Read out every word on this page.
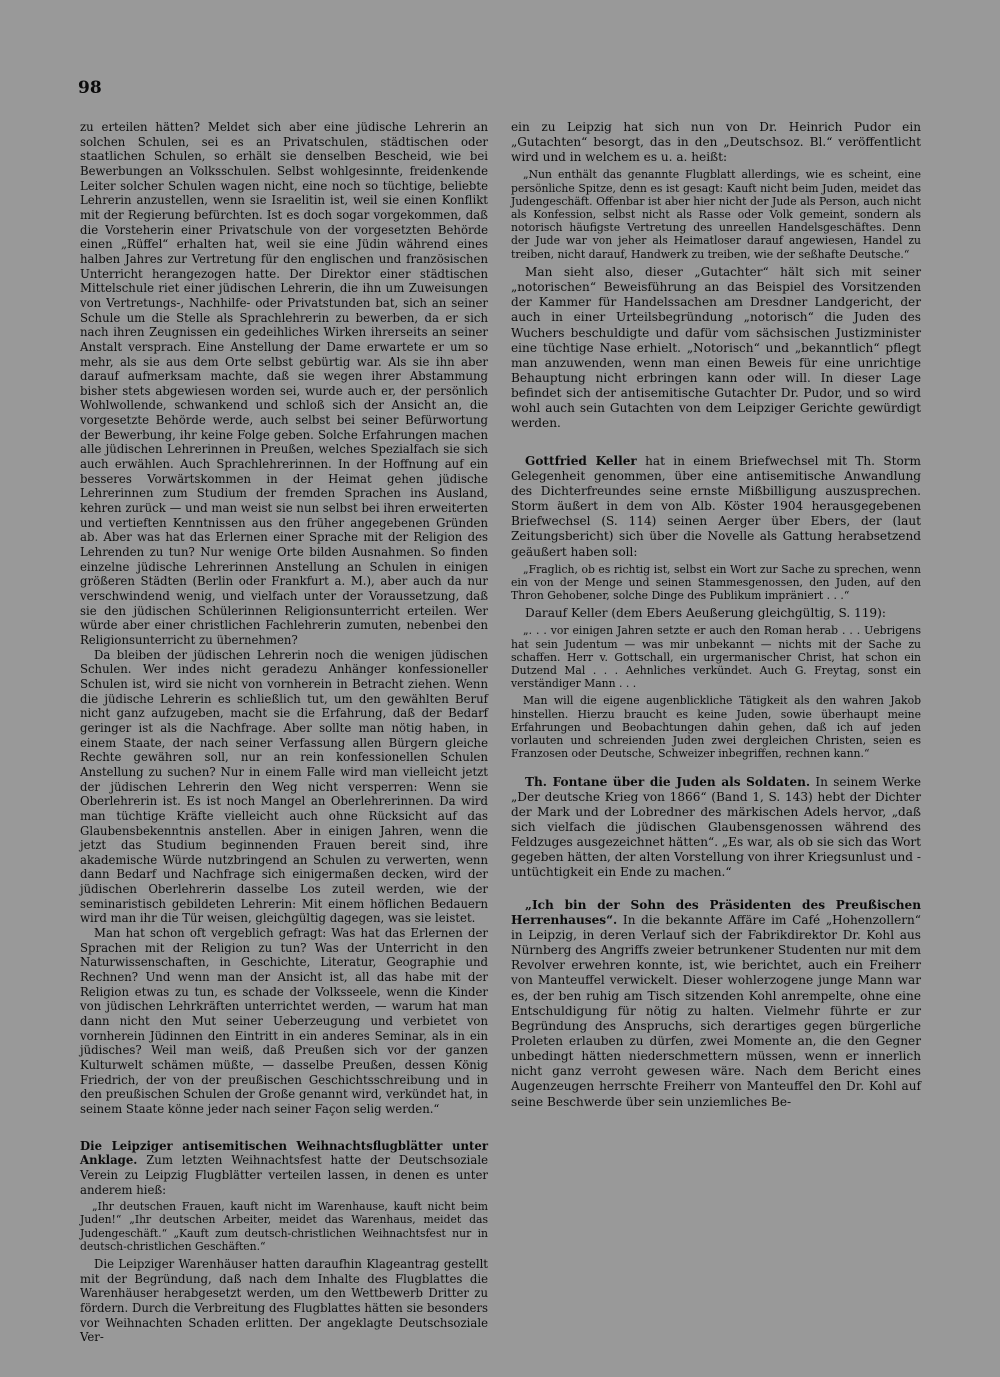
98

zu erteilen hätten? Meldet sich aber eine jüdische Lehrerin an solchen Schulen, sei es an Privatschulen, städtischen oder staatlichen Schulen, so erhält sie denselben Bescheid, wie bei Bewerbungen an Volksschulen. Selbst wohlgesinnte, freidenkende Leiter solcher Schulen wagen nicht, eine noch so tüchtige, beliebte Lehrerin anzustellen, wenn sie Israelitin ist, weil sie einen Konflikt mit der Regierung befürchten. Ist es doch sogar vorgekommen, daß die Vorsteherin einer Privatschule von der vorgesetzten Behörde einen „Rüffel“ erhalten hat, weil sie eine Jüdin während eines halben Jahres zur Vertretung für den englischen und französischen Unterricht herangezogen hatte. Der Direktor einer städtischen Mittelschule riet einer jüdischen Lehrerin, die ihn um Zuweisungen von Vertretungs-, Nachhilfe- oder Privatstunden bat, sich an seiner Schule um die Stelle als Sprachlehrerin zu bewerben, da er sich nach ihren Zeugnissen ein gedeihliches Wirken ihrerseits an seiner Anstalt versprach. Eine Anstellung der Dame erwartete er um so mehr, als sie aus dem Orte selbst gebürtig war. Als sie ihn aber darauf aufmerksam machte, daß sie wegen ihrer Abstammung bisher stets abgewiesen worden sei, wurde auch er, der persönlich Wohlwollende, schwankend und schloß sich der Ansicht an, die vorgesetzte Behörde werde, auch selbst bei seiner Befürwortung der Bewerbung, ihr keine Folge geben. Solche Erfahrungen machen alle jüdischen Lehrerinnen in Preußen, welches Spezialfach sie sich auch erwählen. Auch Sprachlehrerinnen. In der Hoffnung auf ein besseres Vorwärtskommen in der Heimat gehen jüdische Lehrerinnen zum Studium der fremden Sprachen ins Ausland, kehren zurück — und man weist sie nun selbst bei ihren erweiterten und vertieften Kenntnissen aus den früher angegebenen Gründen ab. Aber was hat das Erlernen einer Sprache mit der Religion des Lehrenden zu tun? Nur wenige Orte bilden Ausnahmen. So finden einzelne jüdische Lehrerinnen Anstellung an Schulen in einigen größeren Städten (Berlin oder Frankfurt a. M.), aber auch da nur verschwindend wenig, und vielfach unter der Voraussetzung, daß sie den jüdischen Schülerinnen Religionsunterricht erteilen. Wer würde aber einer christlichen Fachlehrerin zumuten, nebenbei den Religionsunterricht zu übernehmen?

Da bleiben der jüdischen Lehrerin noch die wenigen jüdischen Schulen. Wer indes nicht geradezu Anhänger konfessioneller Schulen ist, wird sie nicht von vornherein in Betracht ziehen. Wenn die jüdische Lehrerin es schließlich tut, um den gewählten Beruf nicht ganz aufzugeben, macht sie die Erfahrung, daß der Bedarf geringer ist als die Nachfrage. Aber sollte man nötig haben, in einem Staate, der nach seiner Verfassung allen Bürgern gleiche Rechte gewähren soll, nur an rein konfessionellen Schulen Anstellung zu suchen? Nur in einem Falle wird man vielleicht jetzt der jüdischen Lehrerin den Weg nicht versperren: Wenn sie Oberlehrerin ist. Es ist noch Mangel an Oberlehrerinnen. Da wird man tüchtige Kräfte vielleicht auch ohne Rücksicht auf das Glaubensbekenntnis anstellen. Aber in einigen Jahren, wenn die jetzt das Studium beginnenden Frauen bereit sind, ihre akademische Würde nutzbringend an Schulen zu verwerten, wenn dann Bedarf und Nachfrage sich einigermaßen decken, wird der jüdischen Oberlehrerin dasselbe Los zuteil werden, wie der seminaristisch gebildeten Lehrerin: Mit einem höflichen Bedauern wird man ihr die Tür weisen, gleichgültig dagegen, was sie leistet.

Man hat schon oft vergeblich gefragt: Was hat das Erlernen der Sprachen mit der Religion zu tun? Was der Unterricht in den Naturwissenschaften, in Geschichte, Literatur, Geographie und Rechnen? Und wenn man der Ansicht ist, all das habe mit der Religion etwas zu tun, es schade der Volksseele, wenn die Kinder von jüdischen Lehrkräften unterrichtet werden, — warum hat man dann nicht den Mut seiner Ueberzeugung und verbietet von vornherein Jüdinnen den Eintritt in ein anderes Seminar, als in ein jüdisches? Weil man weiß, daß Preußen sich vor der ganzen Kulturwelt schämen müßte, — dasselbe Preußen, dessen König Friedrich, der von der preußischen Geschichtsschreibung und in den preußischen Schulen der Große genannt wird, verkündet hat, in seinem Staate könne jeder nach seiner Façon selig werden.“

Die Leipziger antisemitischen Weihnachtsflugblätter unter Anklage. Zum letzten Weihnachtsfest hatte der Deutschsoziale Verein zu Leipzig Flugblätter verteilen lassen, in denen es unter anderem hieß:

„Ihr deutschen Frauen, kauft nicht im Warenhause, kauft nicht beim Juden!“ „Ihr deutschen Arbeiter, meidet das Warenhaus, meidet das Judengeschäft.“ „Kauft zum deutsch-christlichen Weihnachtsfest nur in deutsch-christlichen Geschäften.“

Die Leipziger Warenhäuser hatten daraufhin Klageantrag gestellt mit der Begründung, daß nach dem Inhalte des Flugblattes die Warenhäuser herabgesetzt werden, um den Wettbewerb Dritter zu fördern. Durch die Verbreitung des Flugblattes hätten sie besonders vor Weihnachten Schaden erlitten. Der angeklagte Deutschsoziale Ver-

ein zu Leipzig hat sich nun von Dr. Heinrich Pudor ein „Gutachten“ besorgt, das in den „Deutschsoz. Bl.“ veröffentlicht wird und in welchem es u. a. heißt:

„Nun enthält das genannte Flugblatt allerdings, wie es scheint, eine persönliche Spitze, denn es ist gesagt: Kauft nicht beim Juden, meidet das Judengeschäft. Offenbar ist aber hier nicht der Jude als Person, auch nicht als Konfession, selbst nicht als Rasse oder Volk gemeint, sondern als notorisch häufigste Vertretung des unreellen Handelsgeschäftes. Denn der Jude war von jeher als Heimatloser darauf angewiesen, Handel zu treiben, nicht darauf, Handwerk zu treiben, wie der seßhafte Deutsche.“

Man sieht also, dieser „Gutachter“ hält sich mit seiner „notorischen“ Beweisführung an das Beispiel des Vorsitzenden der Kammer für Handelssachen am Dresdner Landgericht, der auch in einer Urteilsbegründung „notorisch“ die Juden des Wuchers beschuldigte und dafür vom sächsischen Justizminister eine tüchtige Nase erhielt. „Notorisch“ und „bekanntlich“ pflegt man anzuwenden, wenn man einen Beweis für eine unrichtige Behauptung nicht erbringen kann oder will. In dieser Lage befindet sich der antisemitische Gutachter Dr. Pudor, und so wird wohl auch sein Gutachten von dem Leipziger Gerichte gewürdigt werden.

Gottfried Keller hat in einem Briefwechsel mit Th. Storm Gelegenheit genommen, über eine antisemitische Anwandlung des Dichterfreundes seine ernste Mißbilligung auszusprechen. Storm äußert in dem von Alb. Köster 1904 herausgegebenen Briefwechsel (S. 114) seinen Aerger über Ebers, der (laut Zeitungsbericht) sich über die Novelle als Gattung herabsetzend geäußert haben soll:

„Fraglich, ob es richtig ist, selbst ein Wort zur Sache zu sprechen, wenn ein von der Menge und seinen Stammesgenossen, den Juden, auf den Thron Gehobener, solche Dinge des Publikum impräniert . . .“

Darauf Keller (dem Ebers Aeußerung gleichgültig, S. 119):

„. . . vor einigen Jahren setzte er auch den Roman herab . . . Uebrigens hat sein Judentum — was mir unbekannt — nichts mit der Sache zu schaffen. Herr v. Gottschall, ein urgermanischer Christ, hat schon ein Dutzend Mal . . . Aehnliches verkündet. Auch G. Freytag, sonst ein verständiger Mann . . .

Man will die eigene augenblickliche Tätigkeit als den wahren Jakob hinstellen. Hierzu braucht es keine Juden, sowie überhaupt meine Erfahrungen und Beobachtungen dahin gehen, daß ich auf jeden vorlauten und schreienden Juden zwei dergleichen Christen, seien es Franzosen oder Deutsche, Schweizer inbegriffen, rechnen kann.“

Th. Fontane über die Juden als Soldaten. In seinem Werke „Der deutsche Krieg von 1866“ (Band 1, S. 143) hebt der Dichter der Mark und der Lobredner des märkischen Adels hervor, „daß sich vielfach die jüdischen Glaubensgenossen während des Feldzuges ausgezeichnet hätten“. „Es war, als ob sie sich das Wort gegeben hätten, der alten Vorstellung von ihrer Kriegsunlust und -untüchtigkeit ein Ende zu machen.“

„Ich bin der Sohn des Präsidenten des Preußischen Herrenhauses“. In die bekannte Affäre im Café „Hohenzollern“ in Leipzig, in deren Verlauf sich der Fabrikdirektor Dr. Kohl aus Nürnberg des Angriffs zweier betrunkener Studenten nur mit dem Revolver erwehren konnte, ist, wie berichtet, auch ein Freiherr von Manteuffel verwickelt. Dieser wohlerzogene junge Mann war es, der ben ruhig am Tisch sitzenden Kohl anrempelte, ohne eine Entschuldigung für nötig zu halten. Vielmehr führte er zur Begründung des Anspruchs, sich derartiges gegen bürgerliche Proleten erlauben zu dürfen, zwei Momente an, die den Gegner unbedingt hätten niederschmettern müssen, wenn er innerlich nicht ganz verroht gewesen wäre. Nach dem Bericht eines Augenzeugen herrschte Freiherr von Manteuffel den Dr. Kohl auf seine Beschwerde über sein unziemliches Be-
